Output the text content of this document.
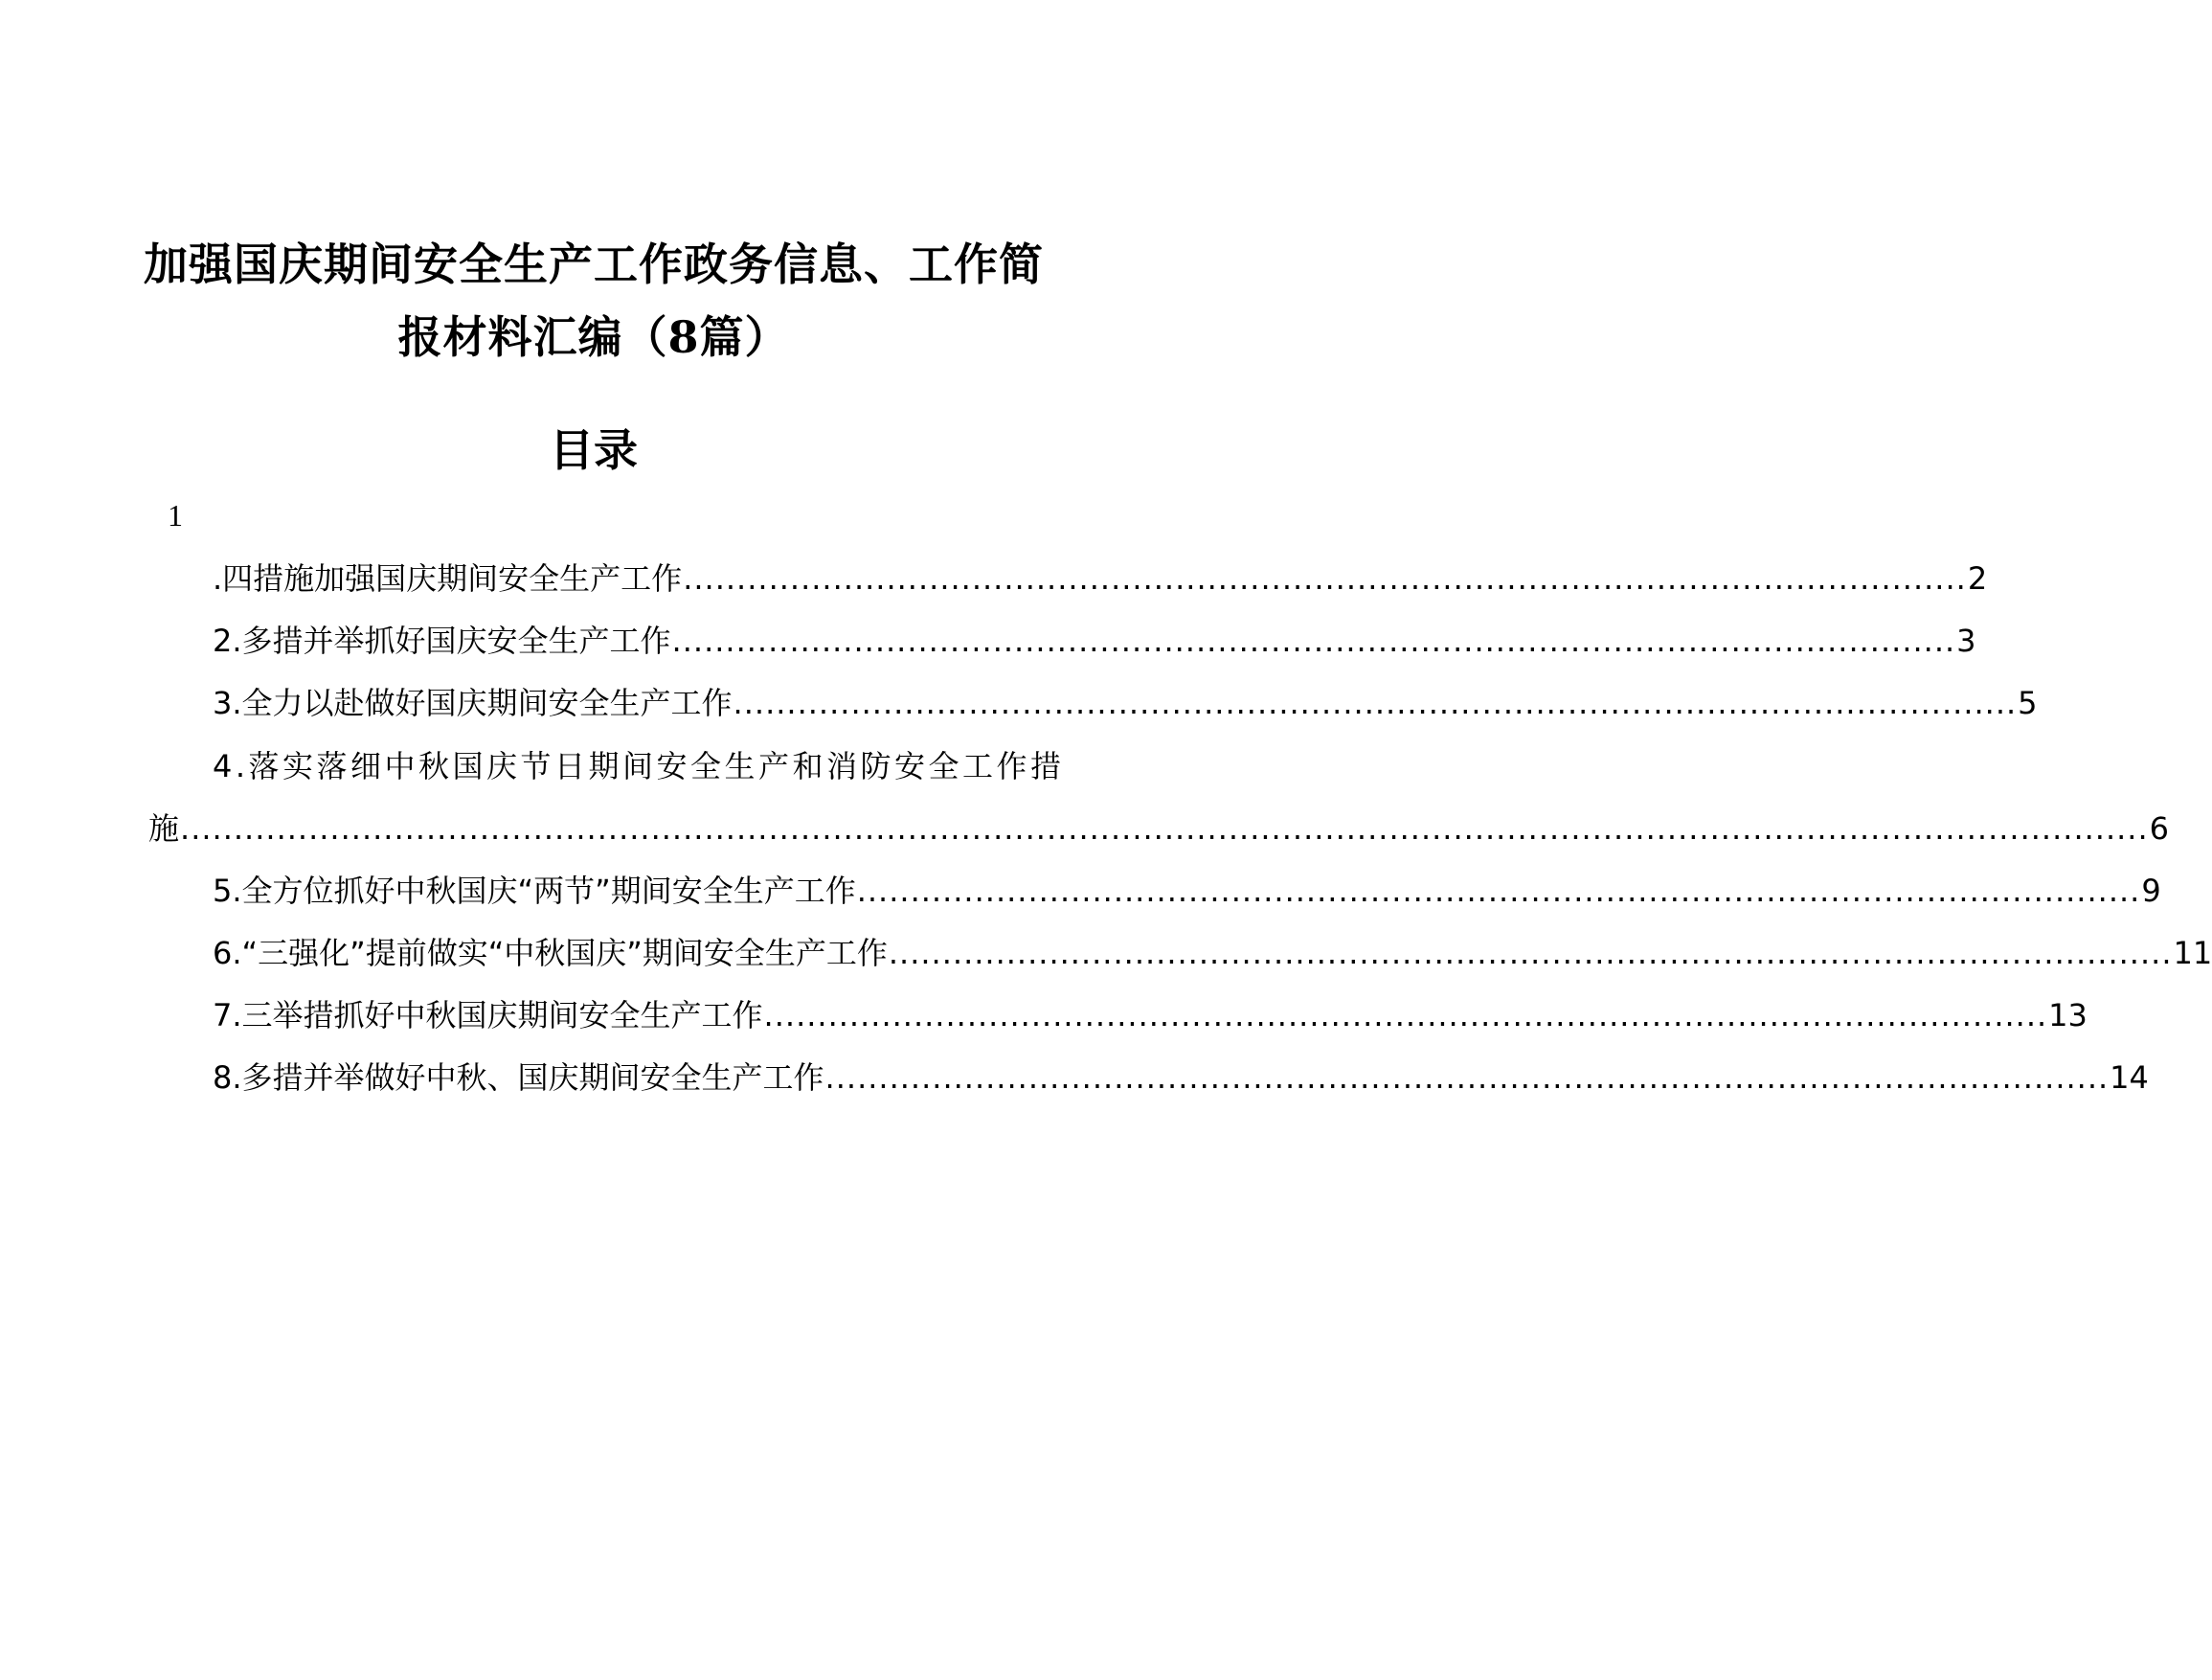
加强国庆期间安全生产工作政务信息、工作简
报材料汇编（8篇）
目录
1
.四措施加强国庆期间安全生产工作 ........................................................................................................................ 2
2.多措并举抓好国庆安全生产工作 ........................................................................................................................ 3
3.全力以赴做好国庆期间安全生产工作 ........................................................................................................................ 5
4.落实落细中秋国庆节日期间安全生产和消防安全工作措
施 ........................................................................................................................................................................................ 6
5.全方位抓好中秋国庆“两节”期间安全生产工作 ........................................................................................................................ 9
6.“三强化”提前做实“中秋国庆”期间安全生产工作 ........................................................................................................................ 11
7.三举措抓好中秋国庆期间安全生产工作 ........................................................................................................................ 13
8.多措并举做好中秋、国庆期间安全生产工作 ........................................................................................................................ 14
